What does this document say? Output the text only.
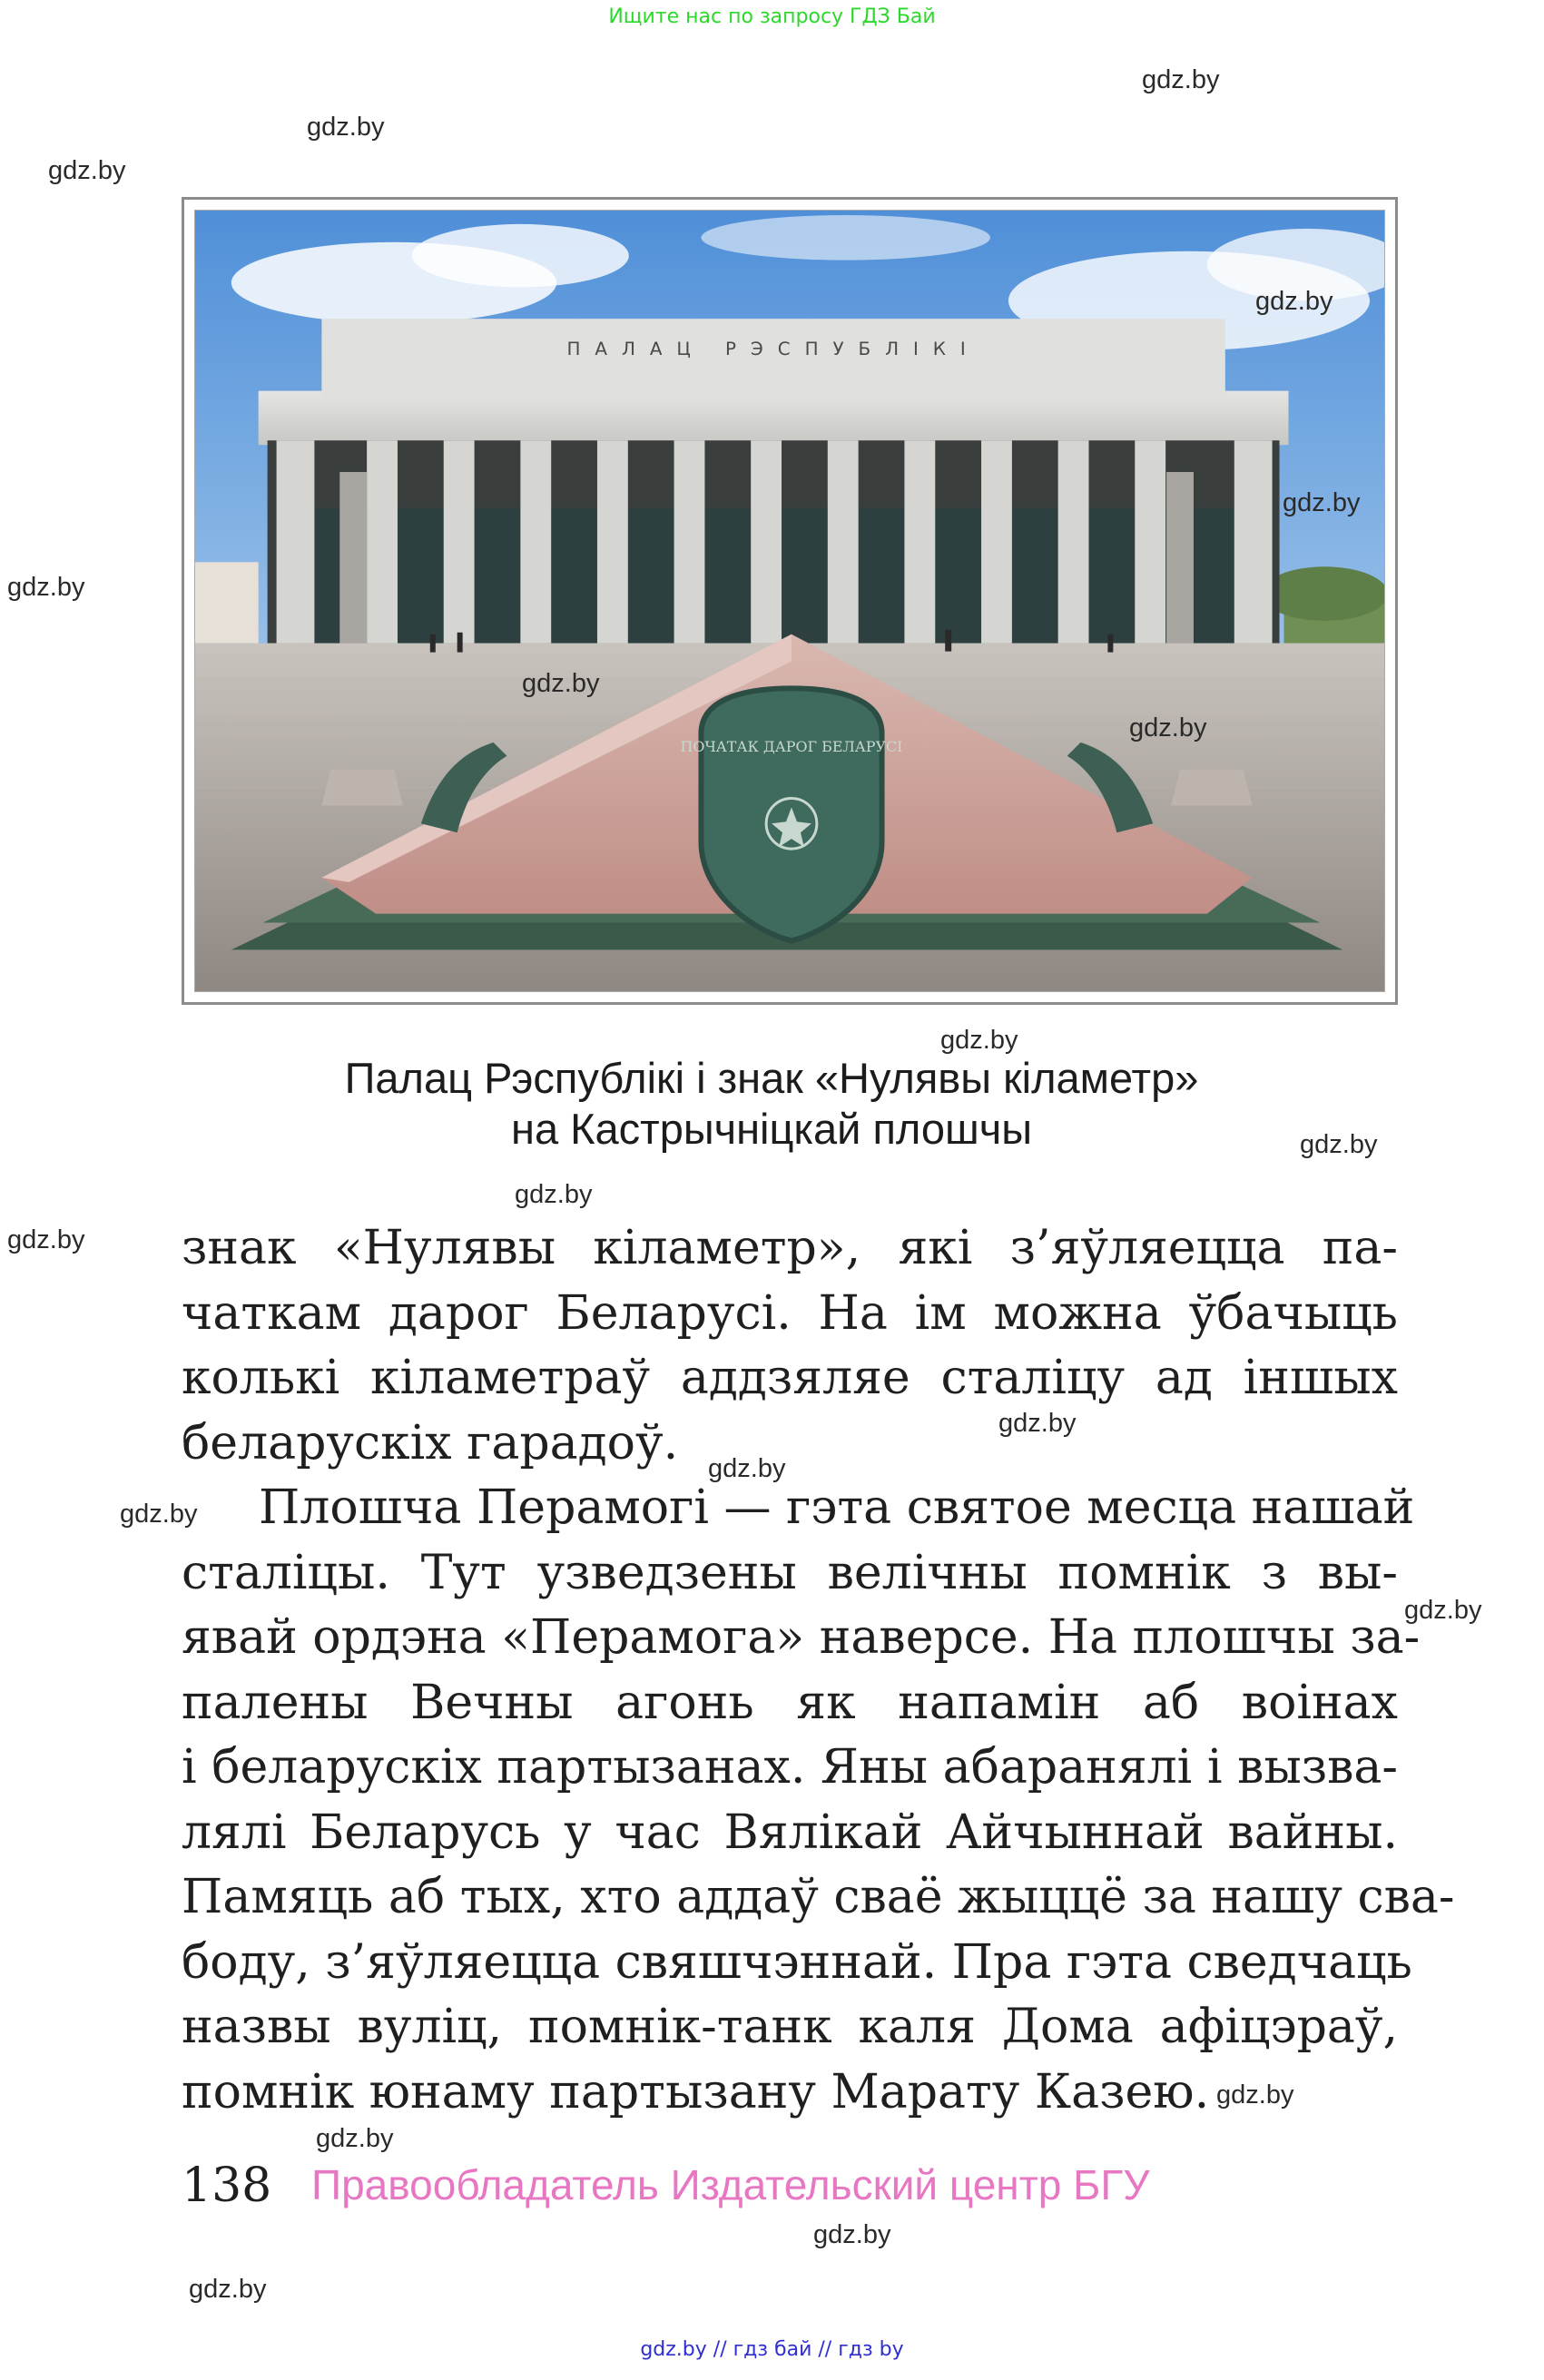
Ищите нас по запросу ГДЗ Бай
gdz.by
gdz.by
gdz.by
gdz.by
ПАЛАЦ РЭСПУБЛІКІ
ПОЧАТАК ДАРОГ БЕЛАРУСІ
gdz.by
gdz.by
gdz.by
gdz.by
gdz.by
Палац Рэспублікі і знак «Нулявы кіламетр»
на Кастрычніцкай плошчы	gdz.by
gdz.by
gdz.by знак «Нулявы кіламетр», які з’яўляецца па-
чаткам дарог Беларусі. На ім можна ўбачыць
колькі кіламетраў аддзяляе сталіцу ад іншых
беларускіх гарадоў.

Плошча Перамогі — гэта святое месца нашай
сталіцы. Тут узведзены велічны помнік з вы-
явай ордэна «Перамога» наверсе. На плошчы за-
палены Вечны агонь як напамін аб воінах
і беларускіх партызанах. Яны абаранялі і вызва-
лялі Беларусь у час Вялікай Айчыннай вайны.
Памяць аб тых, хто аддаў сваё жыццё за нашу сва-
боду, з’яўляецца свяшчэннай. Пра гэта сведчаць
назвы вуліц, помнік-танк каля Дома афіцэраў,
помнік юнаму партызану Марату Казею.

gdz.by
gdz.by
gdz.by
gdz.by
gdz.by
gdz.by
138 Правообладатель Издательский центр БГУ
gdz.by
gdz.by
gdz.by // гдз бай // гдз by
